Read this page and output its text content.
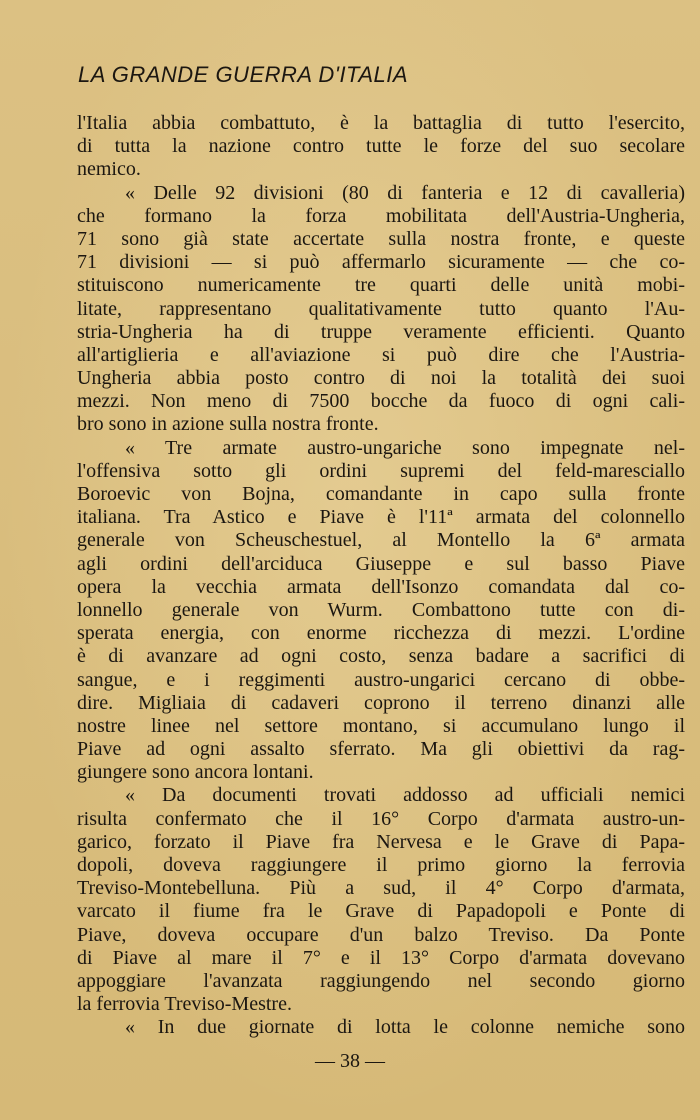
LA GRANDE GUERRA D'ITALIA
l'Italia abbia combattuto, è la battaglia di tutto l'esercito,
di tutta la nazione contro tutte le forze del suo secolare
nemico.
« Delle 92 divisioni (80 di fanteria e 12 di cavalleria)
che formano la forza mobilitata dell'Austria-Ungheria,
71 sono già state accertate sulla nostra fronte, e queste
71 divisioni — si può affermarlo sicuramente — che co-
stituiscono numericamente tre quarti delle unità mobi-
litate, rappresentano qualitativamente tutto quanto l'Au-
stria-Ungheria ha di truppe veramente efficienti. Quanto
all'artiglieria e all'aviazione si può dire che l'Austria-
Ungheria abbia posto contro di noi la totalità dei suoi
mezzi. Non meno di 7500 bocche da fuoco di ogni cali-
bro sono in azione sulla nostra fronte.
« Tre armate austro-ungariche sono impegnate nel-
l'offensiva sotto gli ordini supremi del feld-maresciallo
Boroevic von Bojna, comandante in capo sulla fronte
italiana. Tra Astico e Piave è l'11ª armata del colonnello
generale von Scheuschestuel, al Montello la 6ª armata
agli ordini dell'arciduca Giuseppe e sul basso Piave
opera la vecchia armata dell'Isonzo comandata dal co-
lonnello generale von Wurm. Combattono tutte con di-
sperata energia, con enorme ricchezza di mezzi. L'ordine
è di avanzare ad ogni costo, senza badare a sacrifici di
sangue, e i reggimenti austro-ungarici cercano di obbe-
dire. Migliaia di cadaveri coprono il terreno dinanzi alle
nostre linee nel settore montano, si accumulano lungo il
Piave ad ogni assalto sferrato. Ma gli obiettivi da rag-
giungere sono ancora lontani.
« Da documenti trovati addosso ad ufficiali nemici
risulta confermato che il 16° Corpo d'armata austro-un-
garico, forzato il Piave fra Nervesa e le Grave di Papa-
dopoli, doveva raggiungere il primo giorno la ferrovia
Treviso-Montebelluna. Più a sud, il 4° Corpo d'armata,
varcato il fiume fra le Grave di Papadopoli e Ponte di
Piave, doveva occupare d'un balzo Treviso. Da Ponte
di Piave al mare il 7° e il 13° Corpo d'armata dovevano
appoggiare l'avanzata raggiungendo nel secondo giorno
la ferrovia Treviso-Mestre.
« In due giornate di lotta le colonne nemiche sono
— 38 —
